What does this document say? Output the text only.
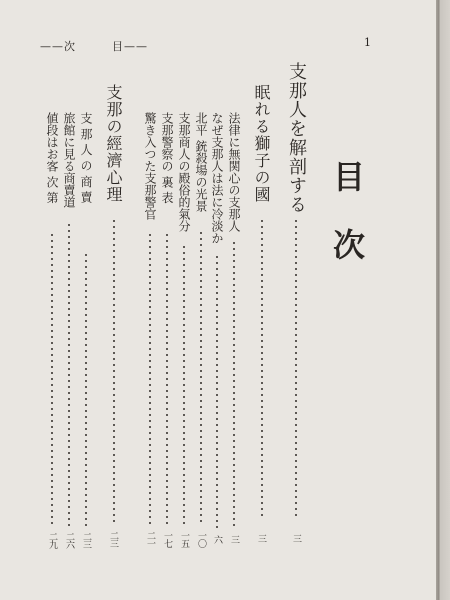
——次　　　目——	1
目次
支那人を解剖する
三
眠れる獅子の國
三
法律に無関心の支那人
三
なぜ支那人は法に冷淡か
六
北平 銃殺場の光景
一〇
支那商人の殿俗的氣分
一五
支那警察の 裏 表
一七
驚き入つた支那警官
二一
支那の經濟心理
二三
支 那 人 の 商 賣
二三
旅館に見る商賣道
二六
値段はお客 次 第
二九
